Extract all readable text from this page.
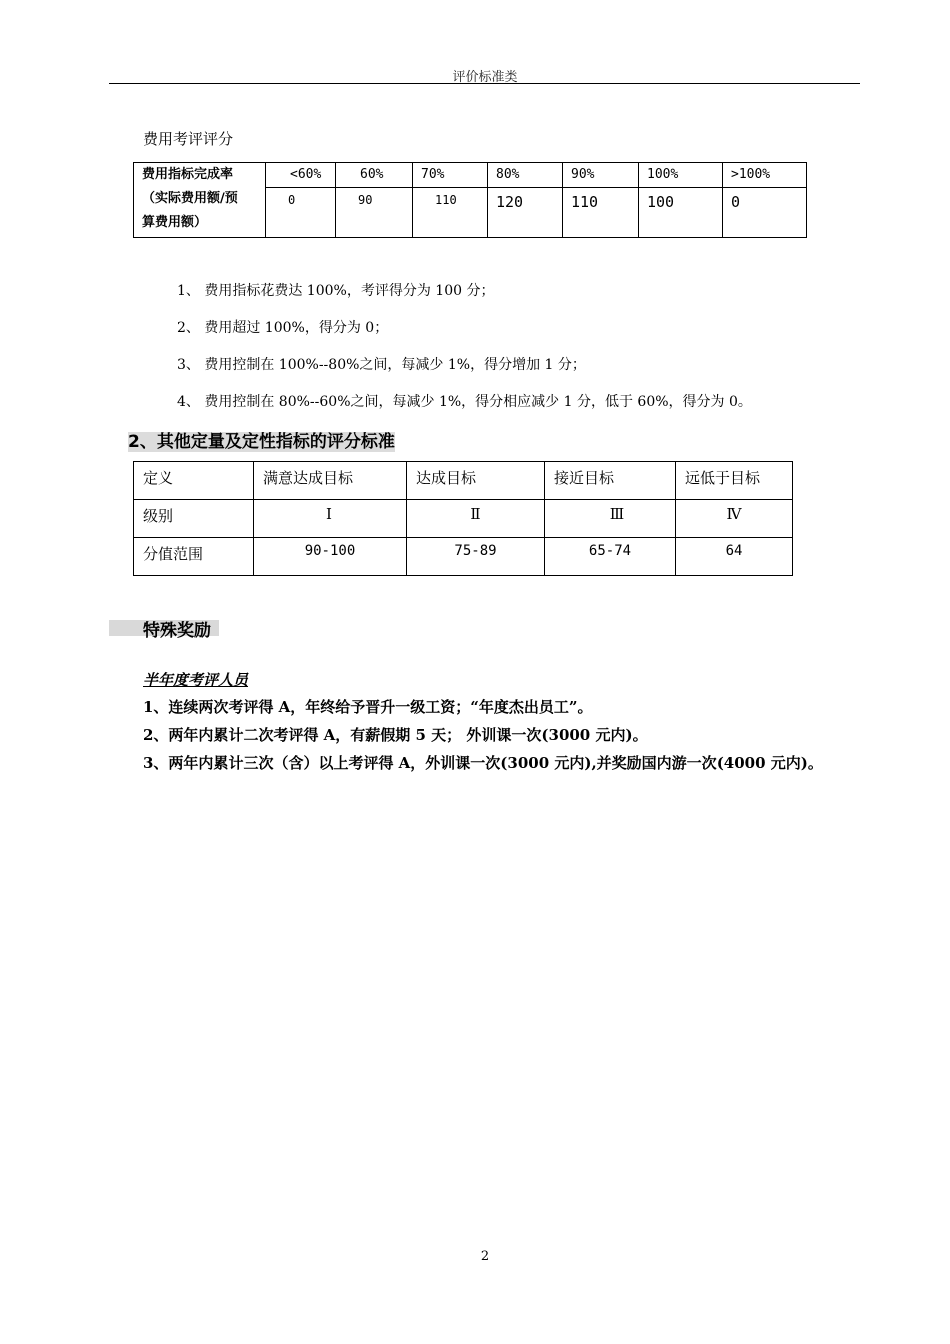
评价标准类
费用考评评分
费用指标完成率
（实际费用额/预
算费用额）	<60%	60%	70%	80%	90%	100%	>100%
	0	90	110	120	110	100	0
1、 费用指标花费达 100%，考评得分为 100 分；
2、 费用超过 100%，得分为 0；
3、 费用控制在 100%--80%之间，每减少 1%，得分增加 1 分；
4、 费用控制在 80%--60%之间，每减少 1%，得分相应减少 1 分，低于 60%，得分为 0。
2、其他定量及定性指标的评分标准
定义	满意达成目标	达成目标	接近目标	远低于目标
级别	I	Ⅱ	Ⅲ	Ⅳ
分值范围	90-100	75-89	65-74	64
特殊奖励
半年度考评人员
1、连续两次考评得 A，年终给予晋升一级工资；“年度杰出员工”。
2、两年内累计二次考评得 A，有薪假期 5 天； 外训课一次(3000 元内)。
3、两年内累计三次（含）以上考评得 A，外训课一次(3000 元内),并奖励国内游一次(4000 元内)。
2
